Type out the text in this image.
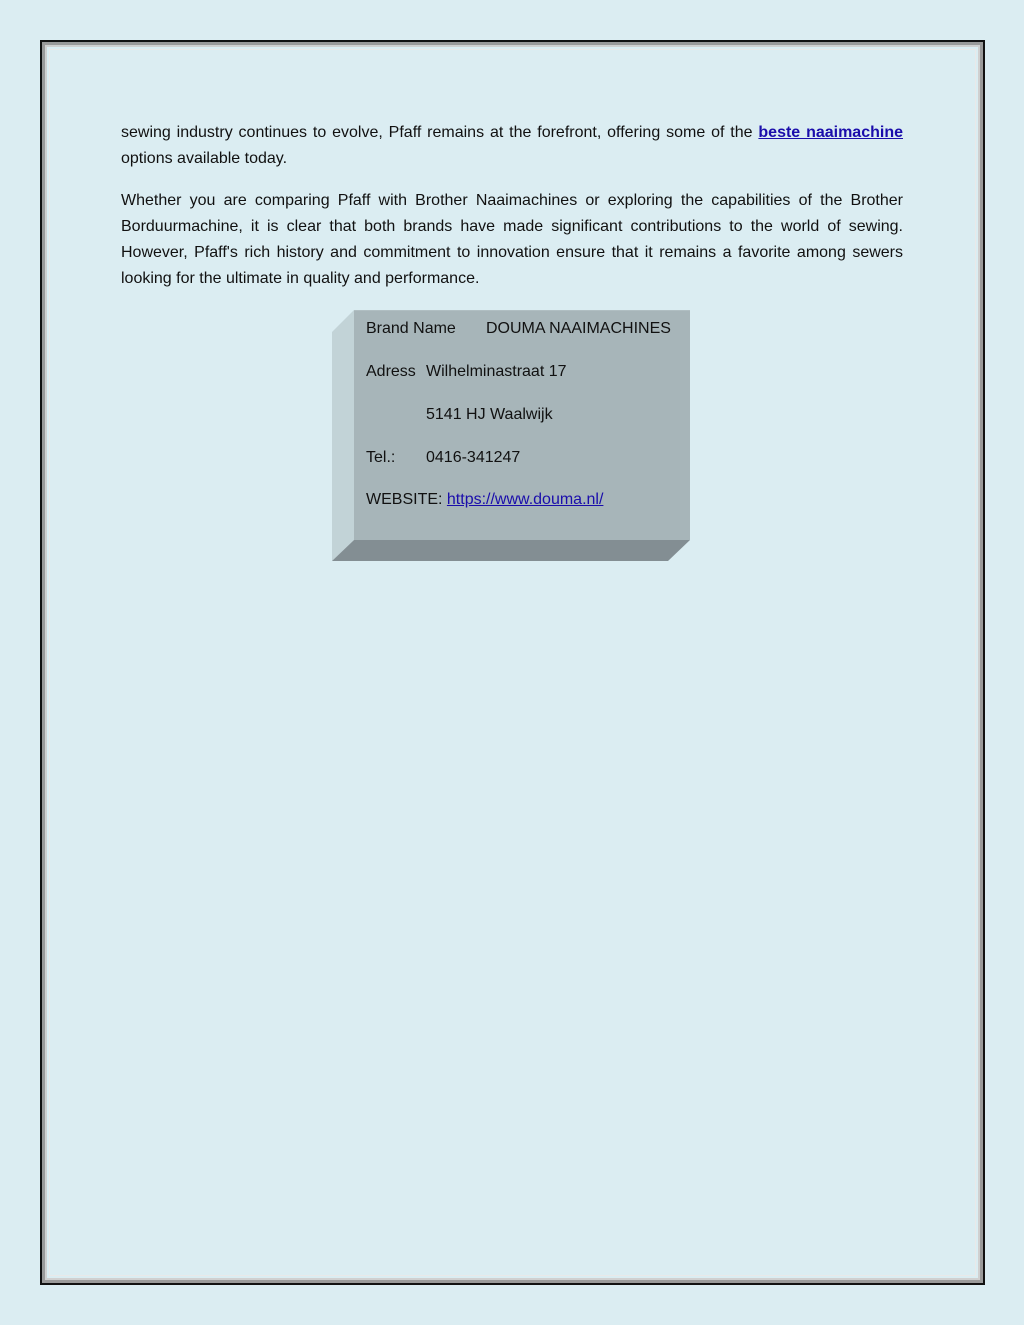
sewing industry continues to evolve, Pfaff remains at the forefront, offering some of the beste naaimachine options available today.

Whether you are comparing Pfaff with Brother Naaimachines or exploring the capabilities of the Brother Borduurmachine, it is clear that both brands have made significant contributions to the world of sewing. However, Pfaff's rich history and commitment to innovation ensure that it remains a favorite among sewers looking for the ultimate in quality and performance.

Brand Name DOUMA NAAIMACHINES
Adress Wilhelminastraat 17
5141 HJ Waalwijk
Tel.: 0416-341247
WEBSITE: https://www.douma.nl/
